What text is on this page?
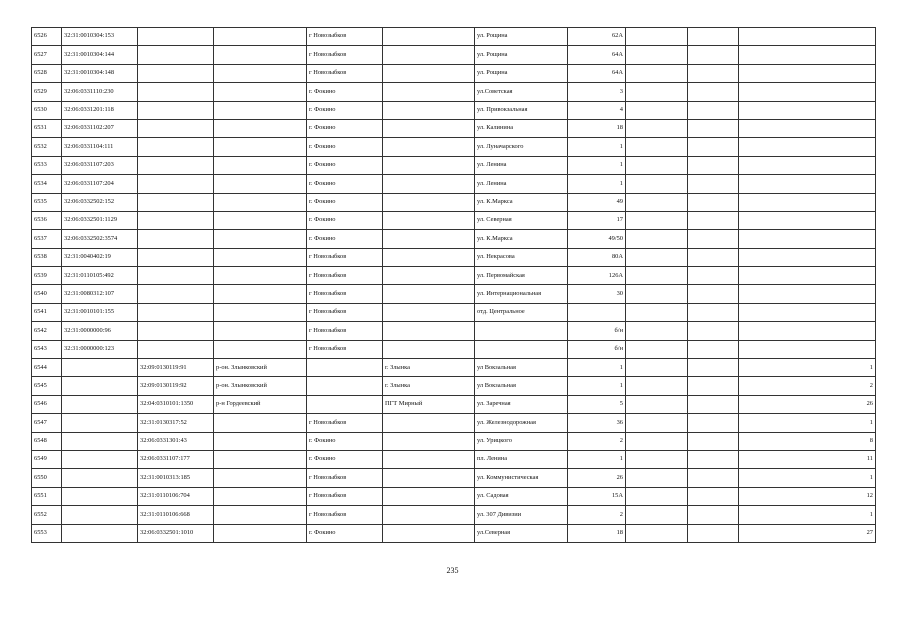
6526	32:31:0010304:153			г Новозыбков		ул. Рощина	62А			
6527	32:31:0010304:144			г Новозыбков		ул. Рощина	64А			
6528	32:31:0010304:148			г Новозыбков		ул. Рощина	64А			
6529	32:06:0331110:230			г. Фокино		ул.Советская	3			
6530	32:06:0331201:118			г. Фокино		ул. Привокзальная	4			
6531	32:06:0331102:207			г. Фокино		ул. Калинина	18			
6532	32:06:0331104:111			г. Фокино		ул. Луначарского	1			
6533	32:06:0331107:203			г. Фокино		ул. Ленина	1			
6534	32:06:0331107:204			г. Фокино		ул. Ленина	1			
6535	32:06:0332502:152			г. Фокино		ул. К.Маркса	49			
6536	32:06:0332501:1129			г. Фокино		ул. Северная	17			
6537	32:06:0332502:3574			г. Фокино		ул. К.Маркса	49/50			
6538	32:31:0040402:19			г Новозыбков		ул. Некрасова	80А			
6539	32:31:0110105:492			г Новозыбков		ул. Первомайская	126А			
6540	32:31:0080312:107			г Новозыбков		ул. Интернациональная	30			
6541	32:31:0010101:155			г Новозыбков		отд. Центральное				
6542	32:31:0000000:96			г Новозыбков			б/н			
6543	32:31:0000000:123			г Новозыбков			б/н			
6544		32:09:0130119:91	р-он. Злынковский		г. Злынка	ул Вокзальная	1			1
6545		32:09:0130119:92	р-он. Злынковский		г. Злынка	ул Вокзальная	1			2
6546		32:04:0310101:1350	р-н Гордеевский		ПГТ Мирный	ул. Заречная	5			26
6547		32:31:0130317:52		г Новозыбков		ул. Железнодорожная	36			1
6548		32:06:0331301:43		г. Фокино		ул. Урицкого	2			8
6549		32:06:0331107:177		г. Фокино		пл. Ленина	1			11
6550		32:31:0010313:185		г Новозыбков		ул. Коммунистическая	26			1
6551		32:31:0110106:704		г Новозыбков		ул. Садовая	15А			12
6552		32:31:0110106:668		г Новозыбков		ул. 307 Дивизии	2			1
6553		32:06:0332501:1010		г. Фокино		ул.Северная	18			27
235
